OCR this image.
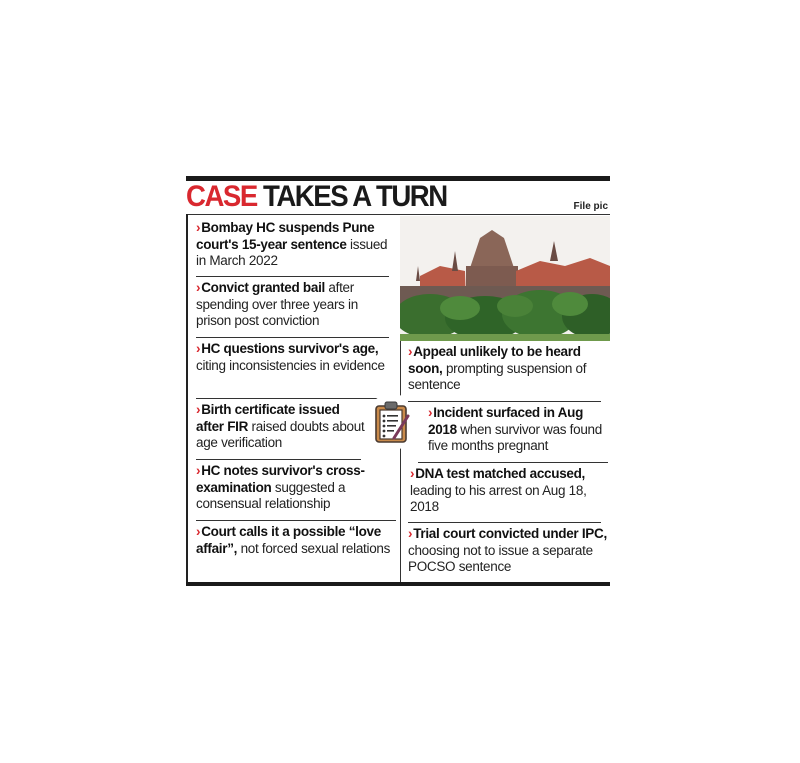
CASE TAKES A TURN	File pic
›Bombay HC suspends Pune court's 15-year sentence issued in March 2022
›Convict granted bail after spending over three years in prison post conviction
›HC questions survivor's age, citing inconsistencies in evidence
›Birth certificate issued after FIR raised doubts about age verification
›HC notes survivor's cross-examination suggested a consensual relationship
›Court calls it a possible “love affair”, not forced sexual relations
›Appeal unlikely to be heard soon, prompting suspension of sentence
›Incident surfaced in Aug 2018 when survivor was found five months pregnant
›DNA test matched accused, leading to his arrest on Aug 18, 2018
›Trial court convicted under IPC, choosing not to issue a separate POCSO sentence
